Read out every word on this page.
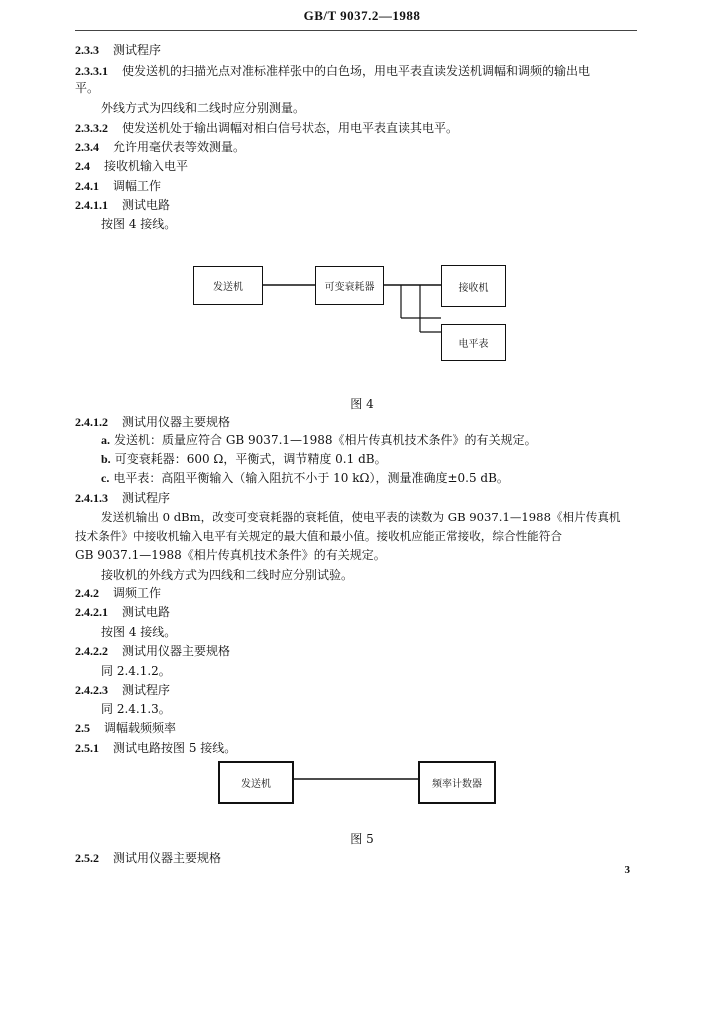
GB/T 9037.2—1988
2.3.3 测试程序
2.3.3.1 使发送机的扫描光点对准标准样张中的白色场，用电平表直读发送机调幅和调频的输出电
平。
外线方式为四线和二线时应分别测量。
2.3.3.2 使发送机处于输出调幅对相白信号状态，用电平表直读其电平。
2.3.4 允许用毫伏表等效测量。
2.4 接收机输入电平
2.4.1 调幅工作
2.4.1.1 测试电路
按图 4 接线。
发送机	可变衰耗器	接收机
电平表
图 4
2.4.1.2 测试用仪器主要规格
a. 发送机：质量应符合 GB 9037.1—1988《相片传真机技术条件》的有关规定。
b. 可变衰耗器：600 Ω，平衡式，调节精度 0.1 dB。
c. 电平表：高阻平衡输入（输入阻抗不小于 10 kΩ），测量准确度±0.5 dB。
2.4.1.3 测试程序
发送机输出 0 dBm，改变可变衰耗器的衰耗值，使电平表的读数为 GB 9037.1—1988《相片传真机
技术条件》中接收机输入电平有关规定的最大值和最小值。接收机应能正常接收，综合性能符合
GB 9037.1—1988《相片传真机技术条件》的有关规定。
接收机的外线方式为四线和二线时应分别试验。
2.4.2 调频工作
2.4.2.1 测试电路
按图 4 接线。
2.4.2.2 测试用仪器主要规格
同 2.4.1.2。
2.4.2.3 测试程序
同 2.4.1.3。
2.5 调幅载频频率
2.5.1 测试电路按图 5 接线。
发送机	频率计数器
图 5
2.5.2 测试用仪器主要规格
3
